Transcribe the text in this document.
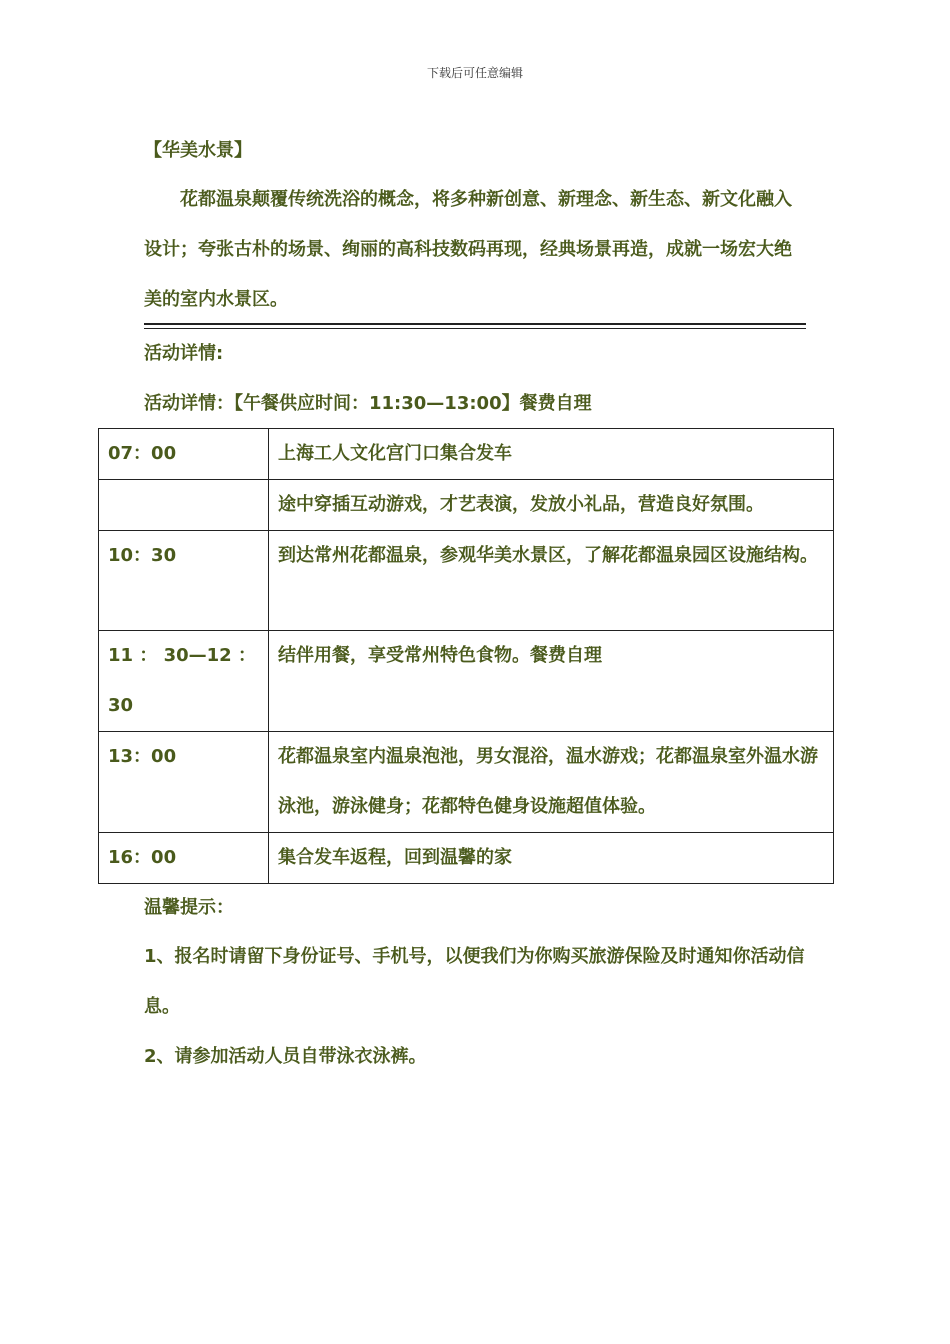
下载后可任意编辑
【华美水景】

花都温泉颠覆传统洗浴的概念，将多种新创意、新理念、新生态、新文化融入设计；夸张古朴的场景、绚丽的高科技数码再现，经典场景再造，成就一场宏大绝美的室内水景区。

活动详情:
活动详情：【午餐供应时间：11:30—13:00】餐费自理
07：00	上海工人文化宫门口集合发车
	途中穿插互动游戏，才艺表演，发放小礼品，营造良好氛围。
10：30	到达常州花都温泉，参观华美水景区，了解花都温泉园区设施结构。
11 ： 30—12 ： 30	结伴用餐，享受常州特色食物。餐费自理
13：00	花都温泉室内温泉泡池，男女混浴，温水游戏；花都温泉室外温水游泳池，游泳健身；花都特色健身设施超值体验。
16：00	集合发车返程，回到温馨的家
温馨提示：
1、报名时请留下身份证号、手机号，以便我们为你购买旅游保险及时通知你活动信息。
2、请参加活动人员自带泳衣泳裤。
